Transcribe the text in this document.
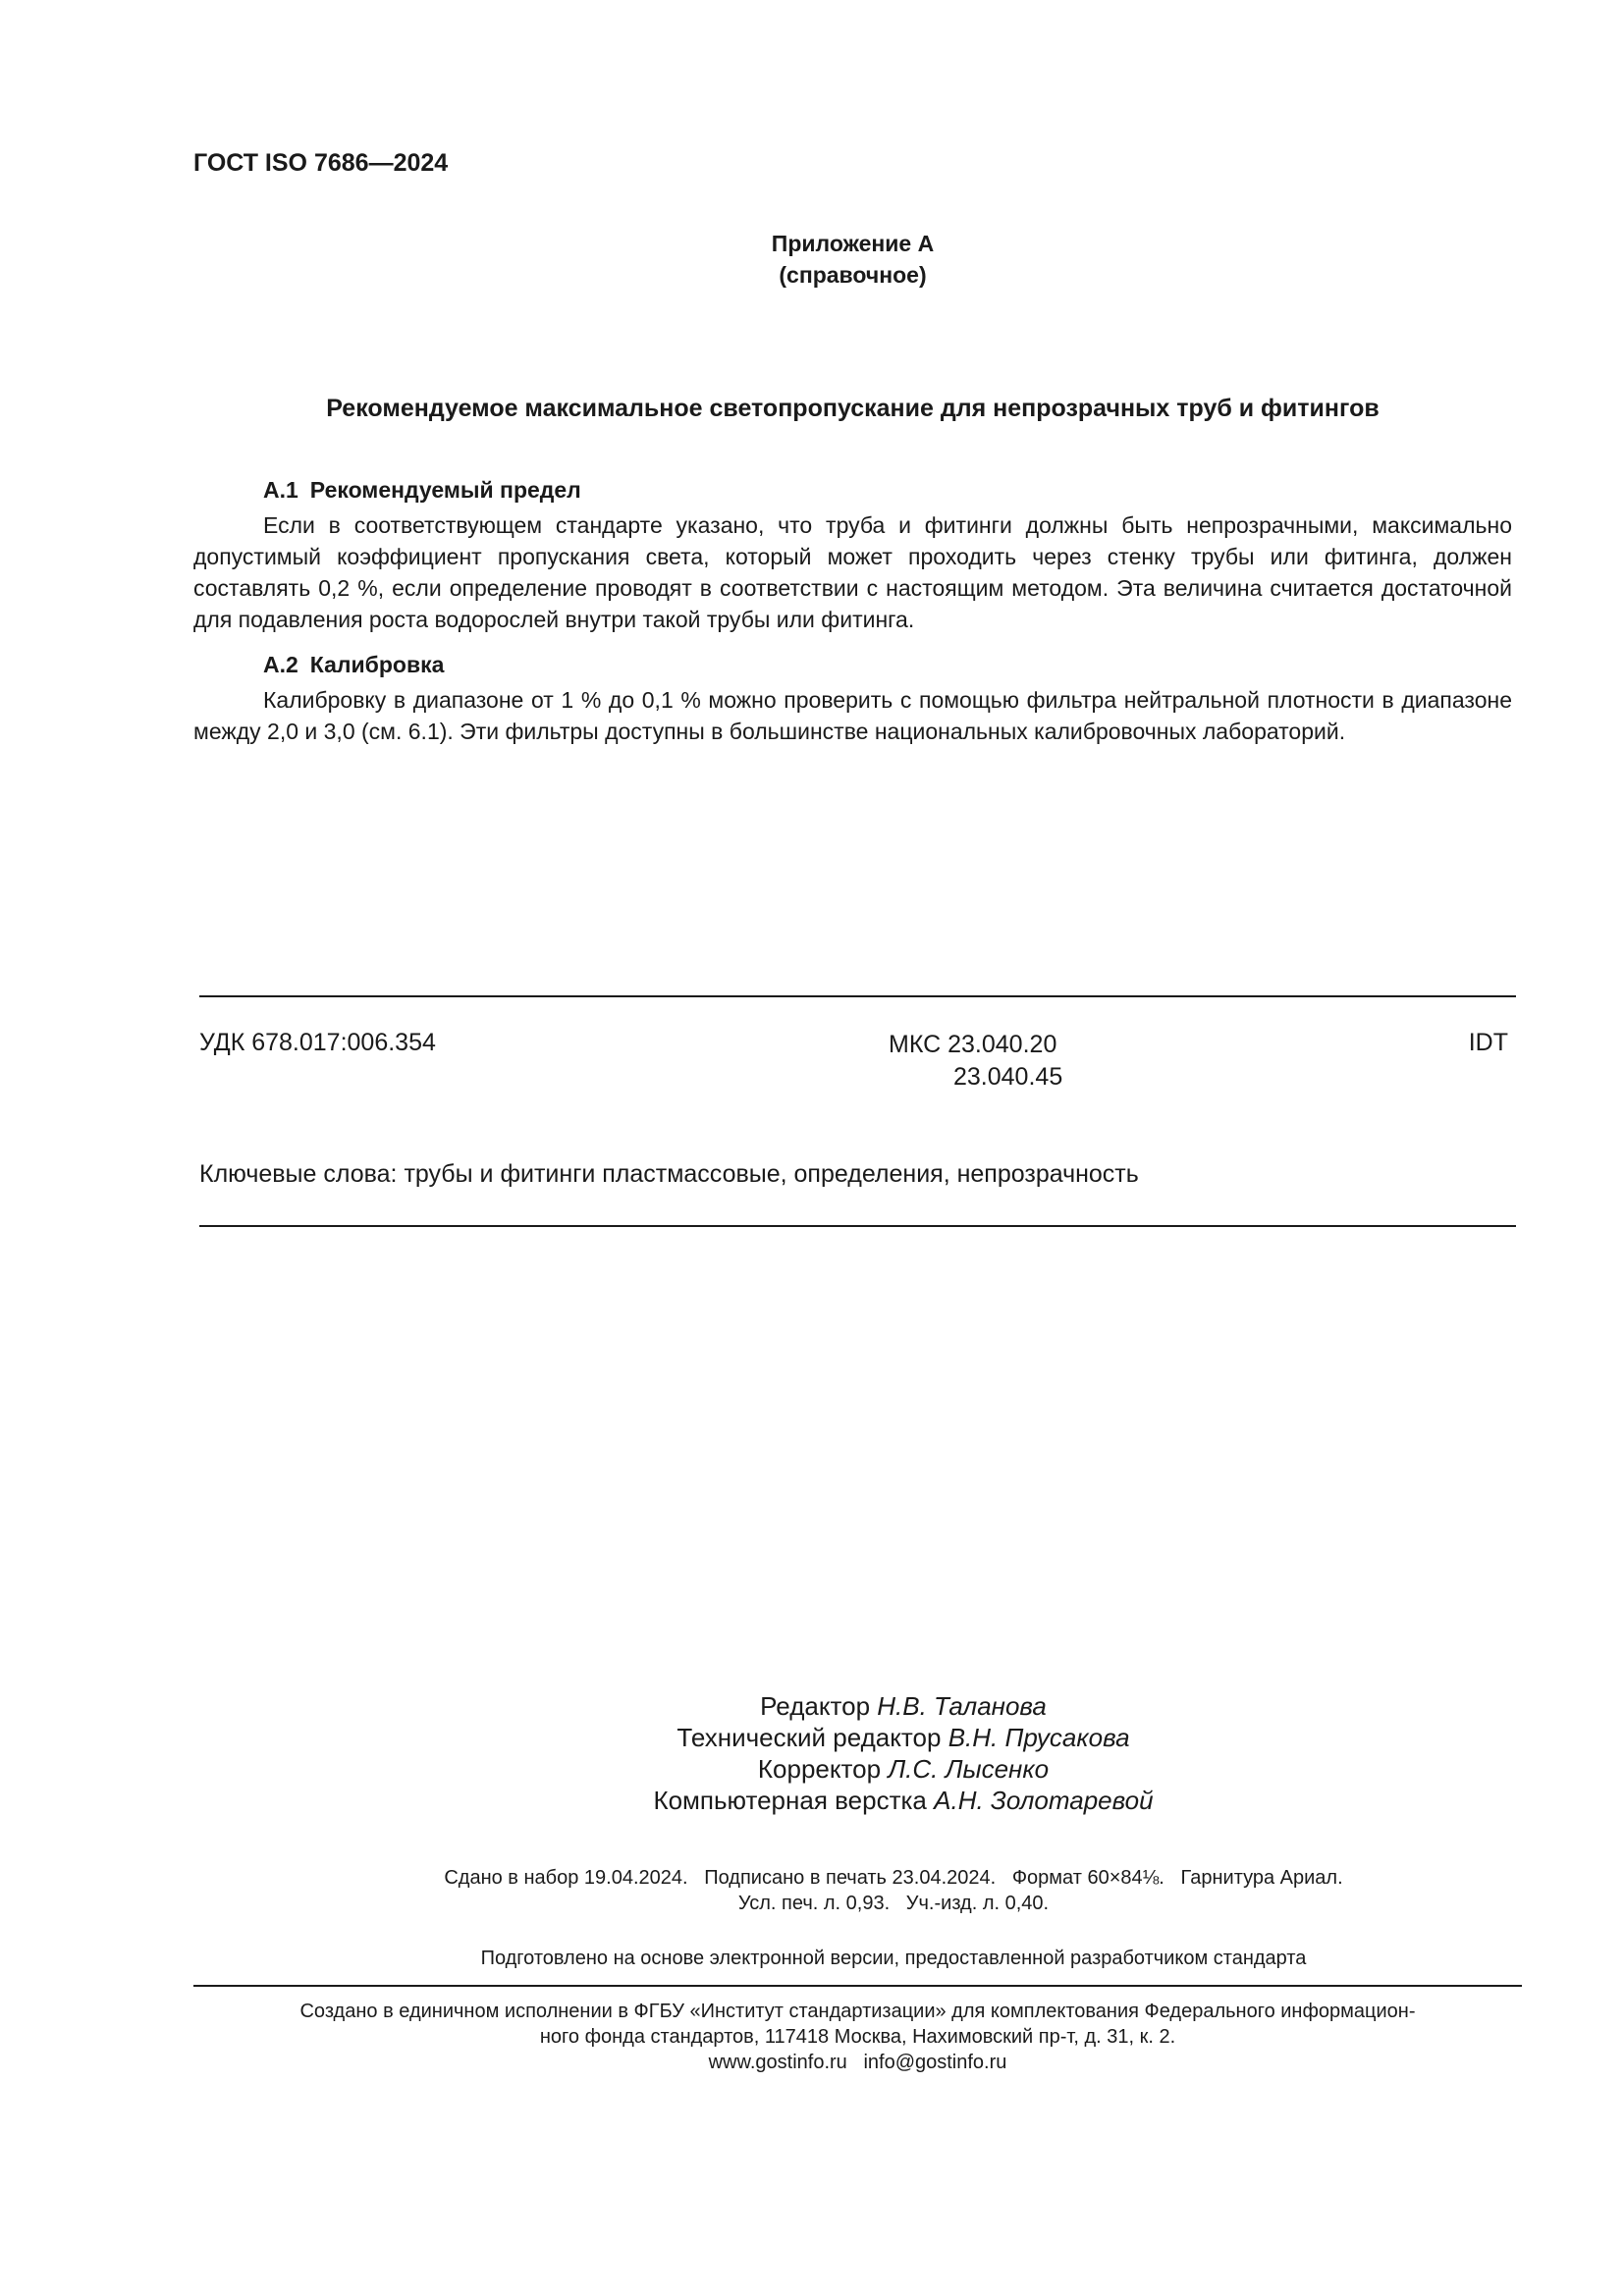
ГОСТ ISO 7686—2024
Приложение А
(справочное)
Рекомендуемое максимальное светопропускание для непрозрачных труб и фитингов
А.1 Рекомендуемый предел
Если в соответствующем стандарте указано, что труба и фитинги должны быть непрозрачными, максимально допустимый коэффициент пропускания света, который может проходить через стенку трубы или фитинга, должен составлять 0,2 %, если определение проводят в соответствии с настоящим методом. Эта величина считается достаточной для подавления роста водорослей внутри такой трубы или фитинга.
А.2 Калибровка
Калибровку в диапазоне от 1 % до 0,1 % можно проверить с помощью фильтра нейтральной плотности в диапазоне между 2,0 и 3,0 (см. 6.1). Эти фильтры доступны в большинстве национальных калибровочных лабораторий.
УДК 678.017:006.354	МКС 23.040.20
23.040.45
IDT
Ключевые слова: трубы и фитинги пластмассовые, определения, непрозрачность
Редактор Н.В. Таланова
Технический редактор В.Н. Прусакова
Корректор Л.С. Лысенко
Компьютерная верстка А.Н. Золотаревой
Сдано в набор 19.04.2024.   Подписано в печать 23.04.2024.   Формат 60×84⅛.   Гарнитура Ариал.
Усл. печ. л. 0,93.   Уч.-изд. л. 0,40.
Подготовлено на основе электронной версии, предоставленной разработчиком стандарта
Создано в единичном исполнении в ФГБУ «Институт стандартизации» для комплектования Федерального информацион-
ного фонда стандартов, 117418 Москва, Нахимовский пр-т, д. 31, к. 2.
www.gostinfo.ru info@gostinfo.ru
